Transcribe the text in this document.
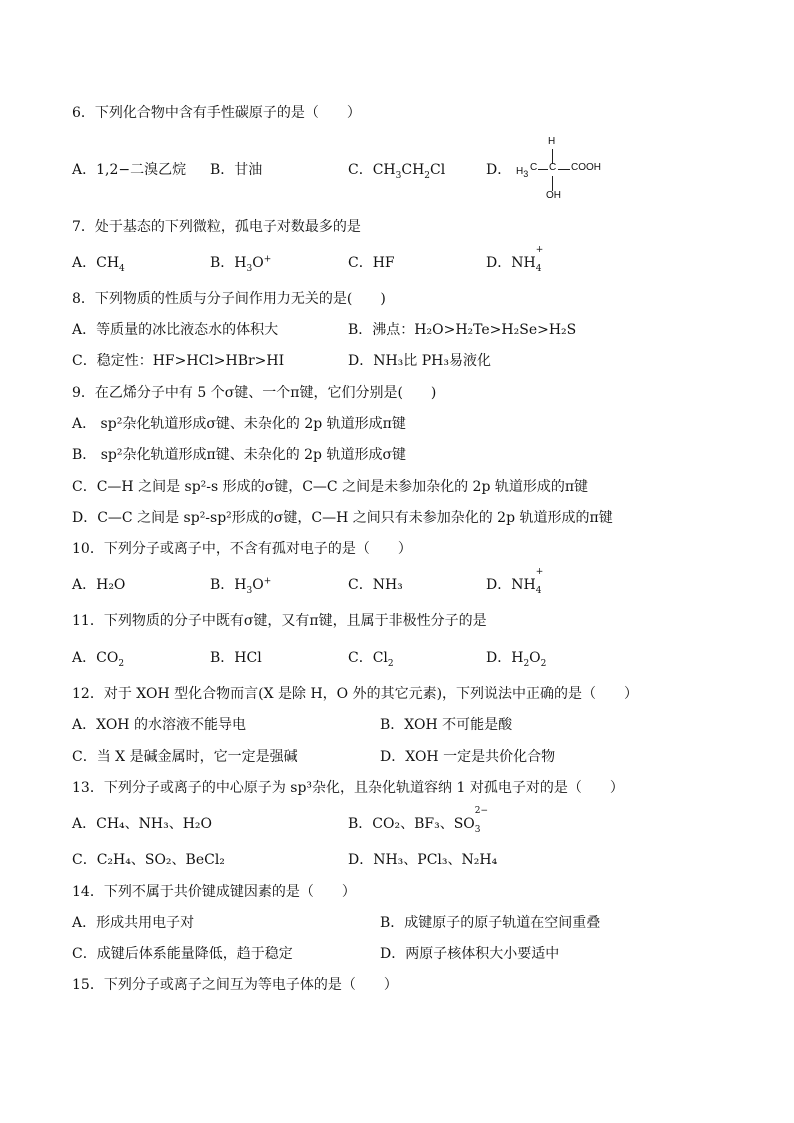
6．下列化合物中含有手性碳原子的是（　　）
A．1,2−二溴乙烷 B．甘油	C．$CH_3CH_2Cl$	D．
H
$H_3$
C C COOH
OH
7．处于基态的下列微粒，孤电子对数最多的是
A．$CH_4$	B．$H_3O^+$	C．HF	D．$NH_4$
+
8．下列物质的性质与分子间作用力无关的是(　　)
A．等质量的冰比液态水的体积大	B．沸点：H₂O>H₂Te>H₂Se>H₂S
C．稳定性：HF>HCl>HBr>HI	D．NH₃比 PH₃易液化
9．在乙烯分子中有 5 个σ键、一个π键，它们分别是(　　)
A． sp²杂化轨道形成σ键、未杂化的 2p 轨道形成π键
B． sp²杂化轨道形成π键、未杂化的 2p 轨道形成σ键
C．C—H 之间是 sp²-s 形成的σ键，C—C 之间是未参加杂化的 2p 轨道形成的π键
D．C—C 之间是 sp²-sp²形成的σ键，C—H 之间只有未参加杂化的 2p 轨道形成的π键
10．下列分子或离子中，不含有孤对电子的是（　　）
A．H₂O	B．$H_3O^+$	C．NH₃	D．$NH_4$
+
11．下列物质的分子中既有σ键，又有π键，且属于非极性分子的是
A．$CO_2$	B．HCl	C．$Cl_2$	D．$H_2O_2$
12．对于 XOH 型化合物而言(X 是除 H，O 外的其它元素)，下列说法中正确的是（　　）
A．XOH 的水溶液不能导电	B．XOH 不可能是酸
C．当 X 是碱金属时，它一定是强碱	D．XOH 一定是共价化合物
13．下列分子或离子的中心原子为 sp³杂化，且杂化轨道容纳 1 对孤电子对的是（　　）
A．CH₄、NH₃、H₂O	B．CO₂、BF₃、$SO_3$
2−
C．C₂H₄、SO₂、BeCl₂	D．NH₃、PCl₃、N₂H₄
14．下列不属于共价键成键因素的是（　　）
A．形成共用电子对	B．成键原子的原子轨道在空间重叠
C．成键后体系能量降低，趋于稳定	D．两原子核体积大小要适中
15．下列分子或离子之间互为等电子体的是（　　）
